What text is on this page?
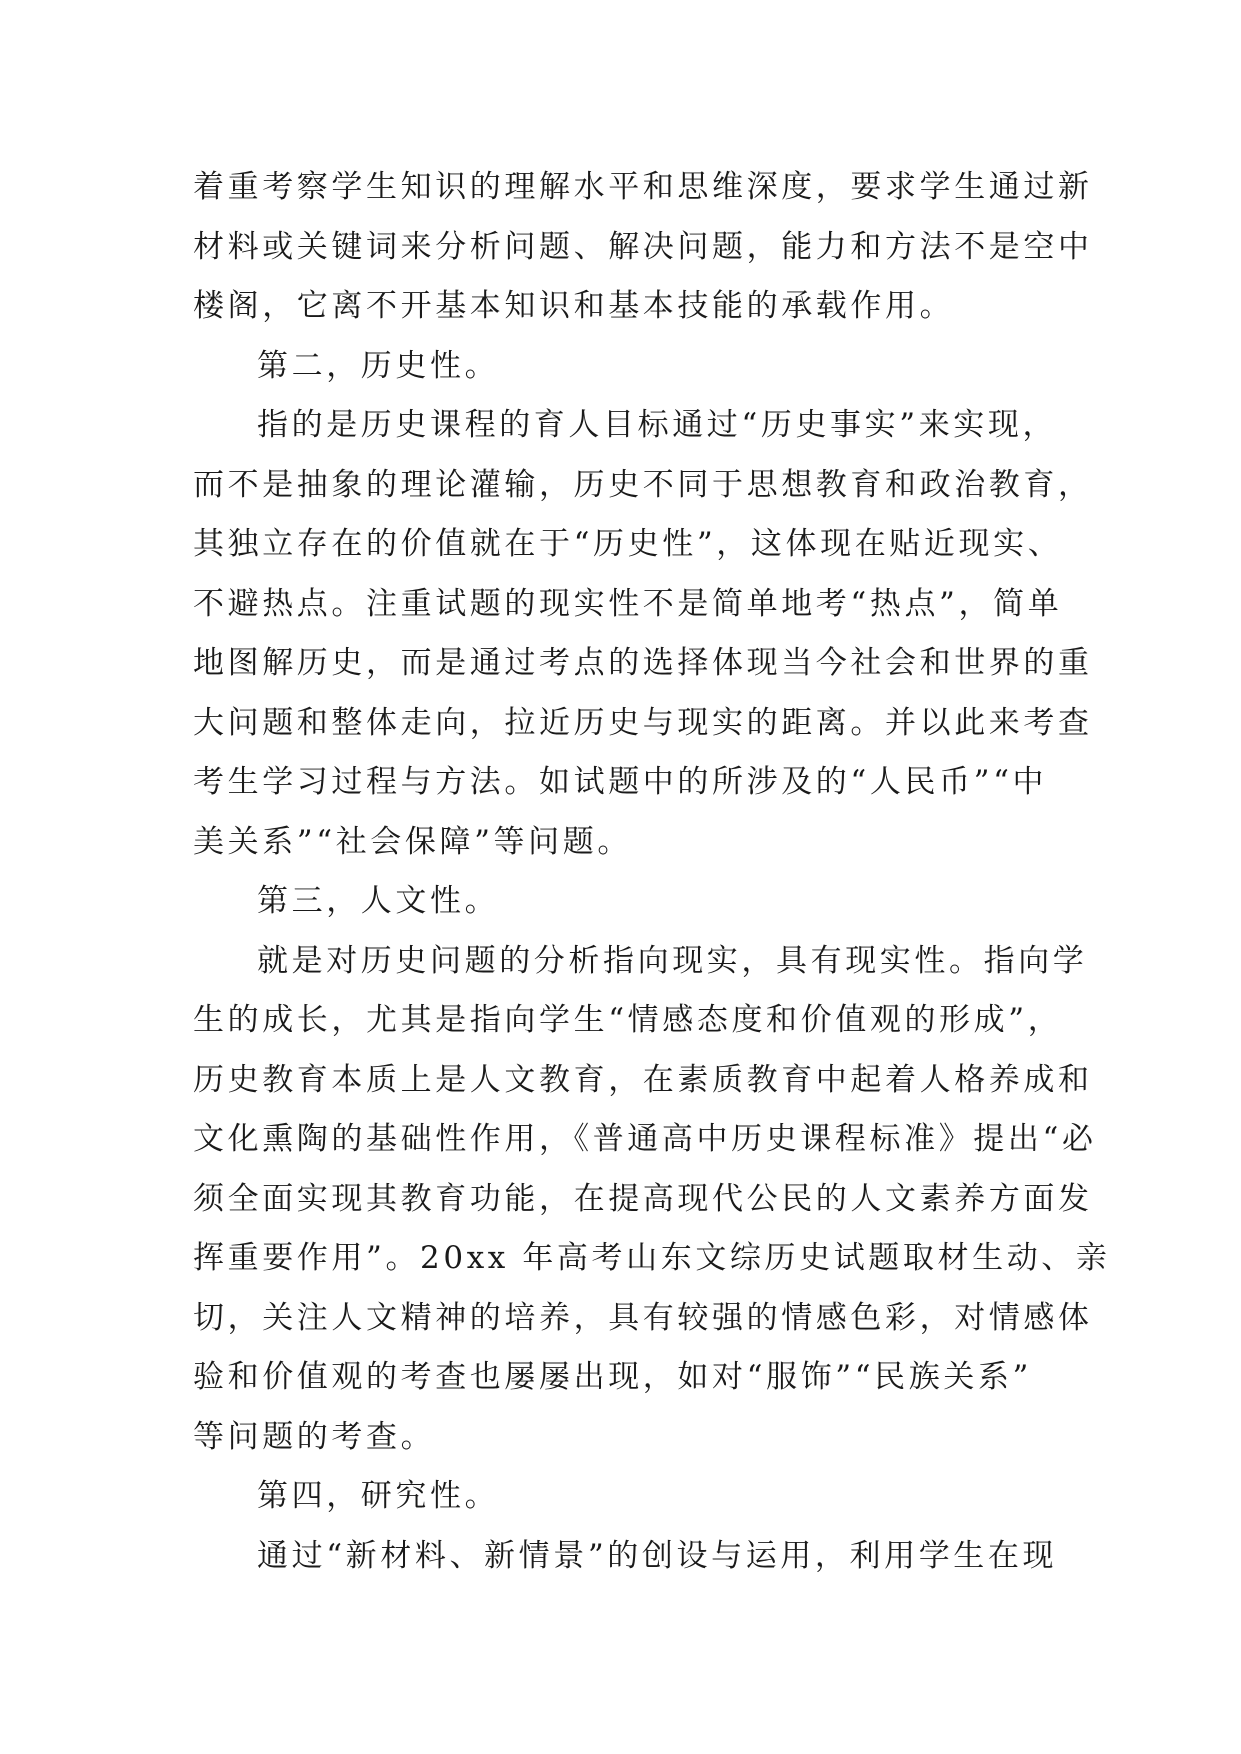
着重考察学生知识的理解水平和思维深度，要求学生通过新
材料或关键词来分析问题、解决问题，能力和方法不是空中
楼阁，它离不开基本知识和基本技能的承载作用。
第二，历史性。
指的是历史课程的育人目标通过“历史事实”来实现，
而不是抽象的理论灌输，历史不同于思想教育和政治教育，
其独立存在的价值就在于“历史性”，这体现在贴近现实、
不避热点。注重试题的现实性不是简单地考“热点”，简单
地图解历史，而是通过考点的选择体现当今社会和世界的重
大问题和整体走向，拉近历史与现实的距离。并以此来考查
考生学习过程与方法。如试题中的所涉及的“人民币”“中
美关系”“社会保障”等问题。
第三，人文性。
就是对历史问题的分析指向现实，具有现实性。指向学
生的成长，尤其是指向学生“情感态度和价值观的形成”，
历史教育本质上是人文教育，在素质教育中起着人格养成和
文化熏陶的基础性作用，《普通高中历史课程标准》提出“必
须全面实现其教育功能，在提高现代公民的人文素养方面发
挥重要作用”。20xx 年高考山东文综历史试题取材生动、亲
切，关注人文精神的培养，具有较强的情感色彩，对情感体
验和价值观的考查也屡屡出现，如对“服饰”“民族关系”
等问题的考查。
第四，研究性。
通过“新材料、新情景”的创设与运用，利用学生在现
